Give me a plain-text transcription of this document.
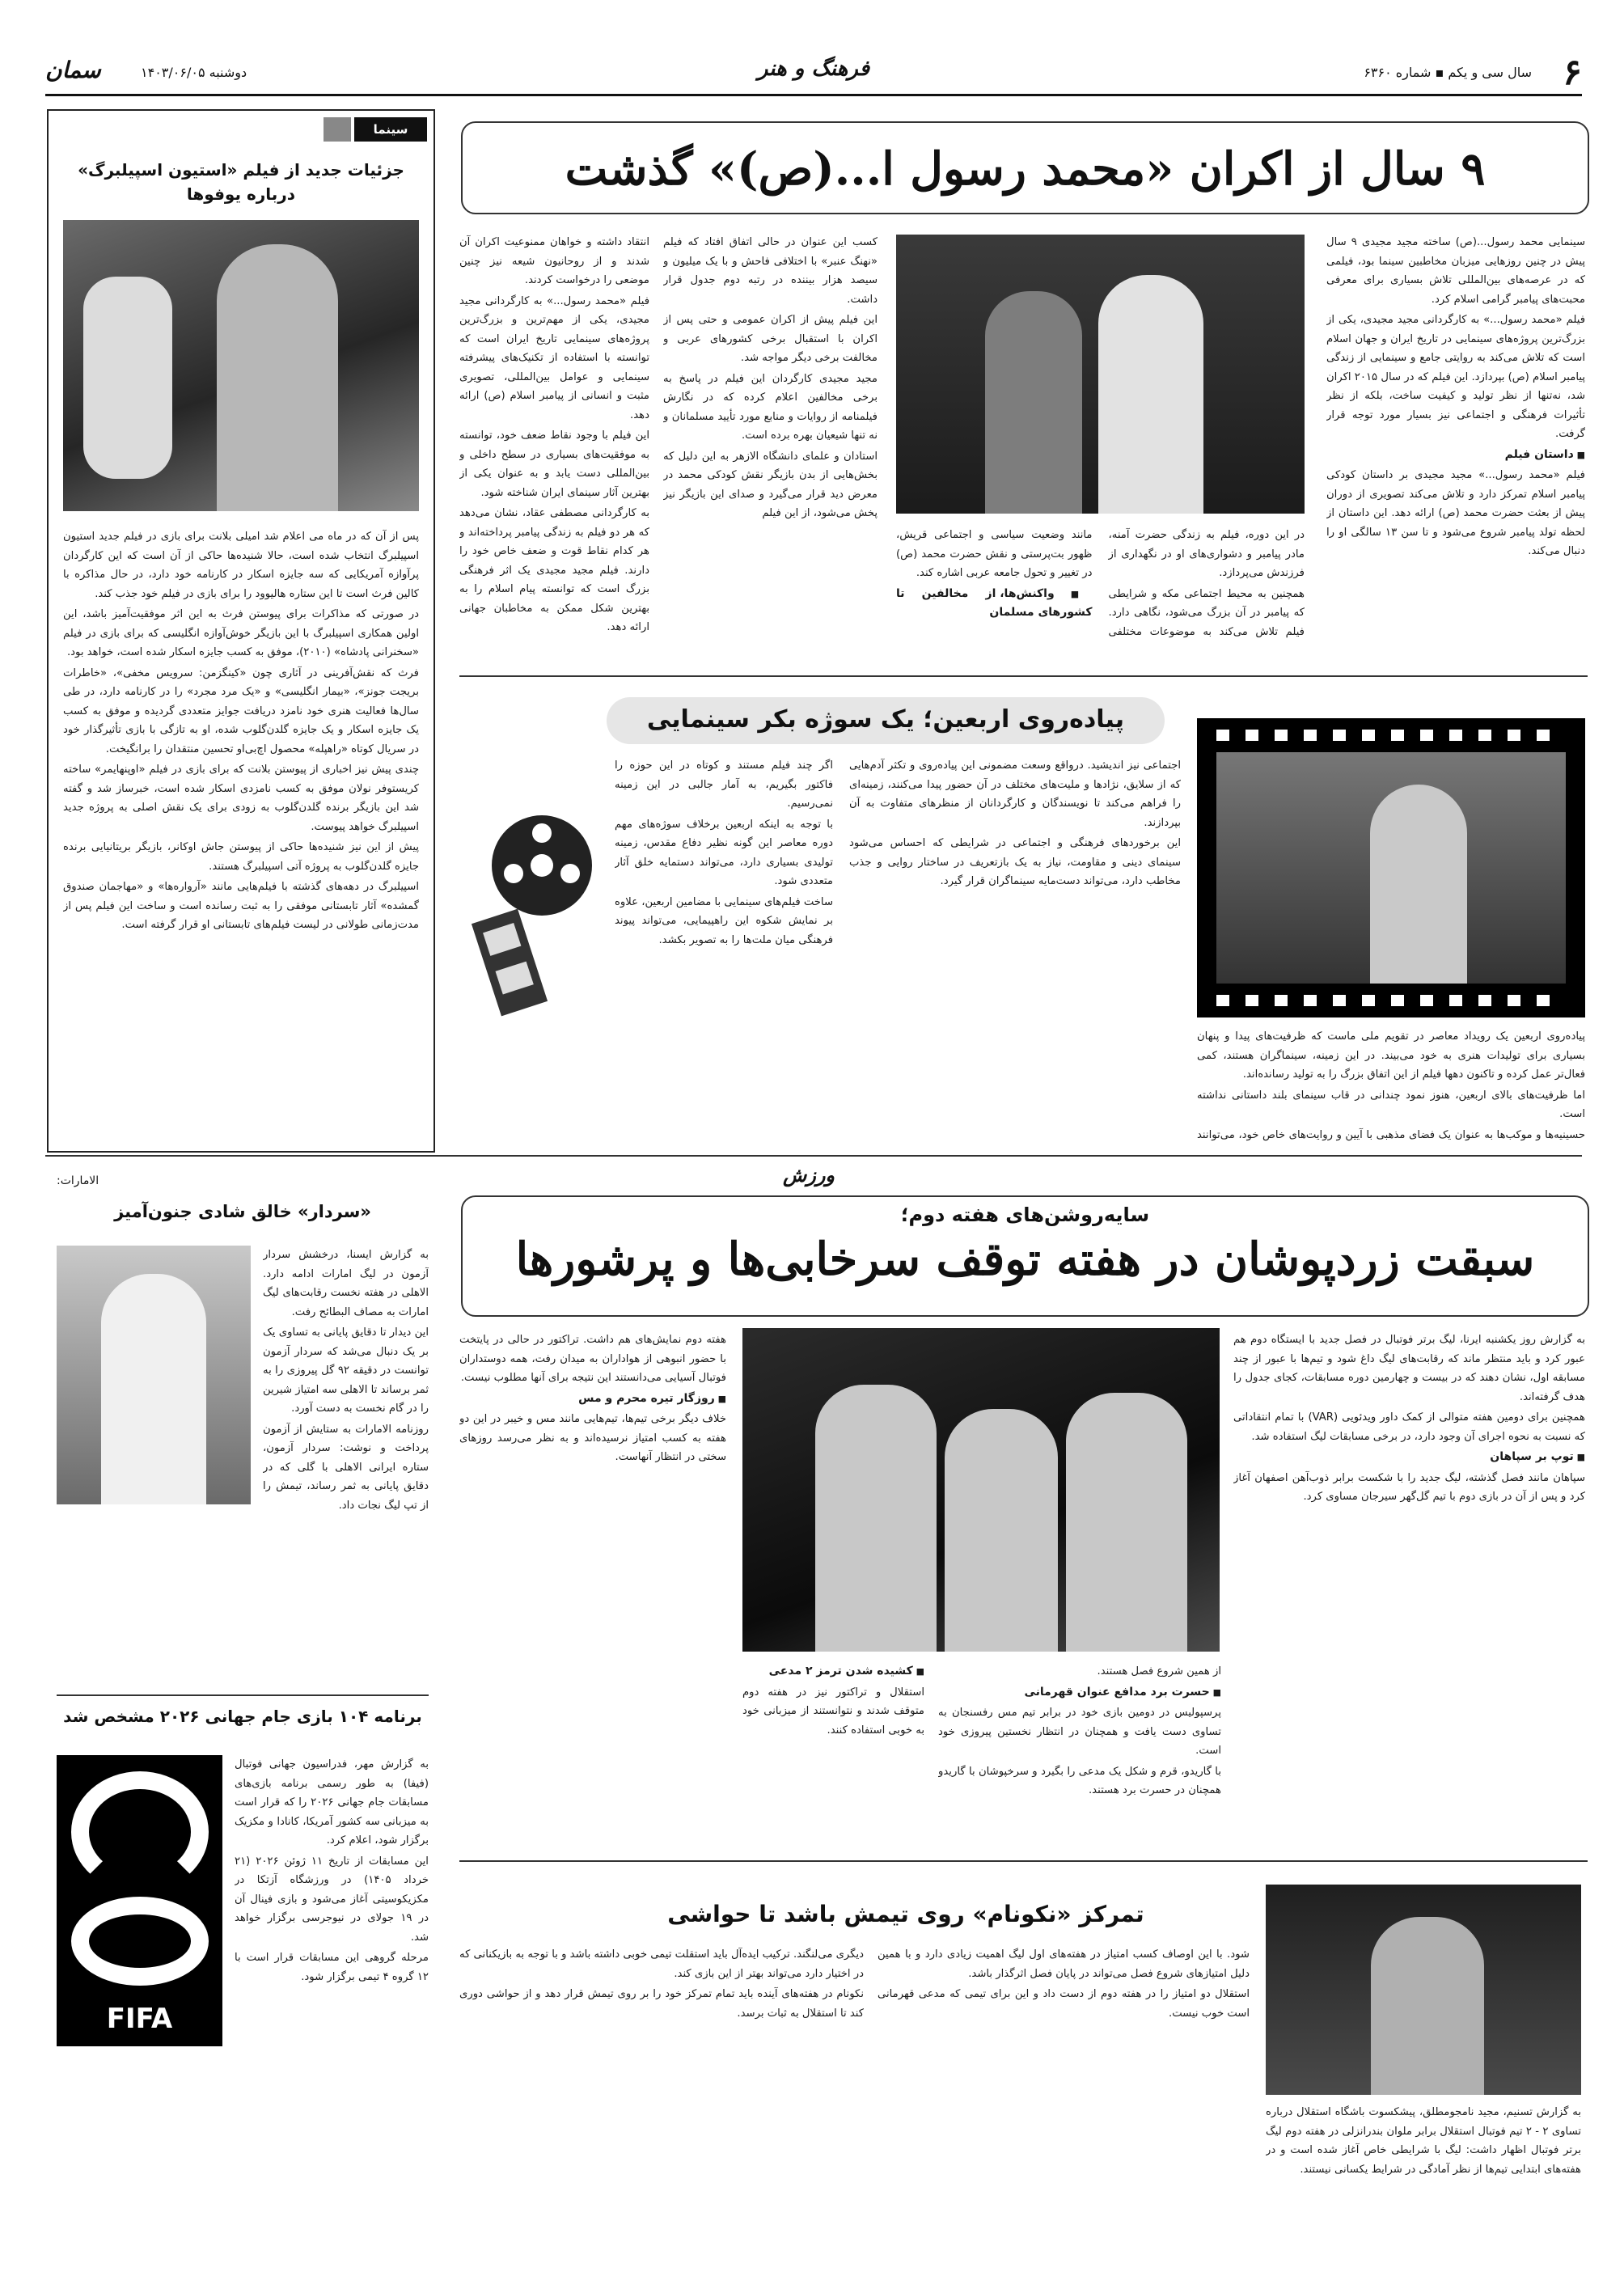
۶
سال سی و یکم ▪ شماره ۶۳۶۰
فرهنگ و هنر
دوشنبه ۱۴۰۳/۰۶/۰۵
سمان
سینما
جزئیات جدید از فیلم «استیون اسپیلبرگ» درباره یوفوها

پس از آن که در ماه می اعلام شد امیلی بلانت برای بازی در فیلم جدید استیون اسپیلبرگ انتخاب شده است، حالا شنیده‌ها حاکی از آن است که این کارگردان پرآوازه آمریکایی که سه جایزه اسکار در کارنامه خود دارد، در حال مذاکره با کالین فرث است تا این ستاره هالیوود را برای بازی در فیلم خود جذب کند.

در صورتی که مذاکرات برای پیوستن فرث به این اثر موفقیت‌آمیز باشد، این اولین همکاری اسپیلبرگ با این بازیگر خوش‌آوازه انگلیسی که برای بازی در فیلم «سخنرانی پادشاه» (۲۰۱۰)، موفق به کسب جایزه اسکار شده است، خواهد بود.

فرث که نقش‌آفرینی در آثاری چون «کینگزمن: سرویس مخفی»، «خاطرات بریجت جونز»، «بیمار انگلیسی» و «یک مرد مجرد» را در کارنامه دارد، در طی سال‌ها فعالیت هنری خود نامزد دریافت جوایز متعددی گردیده و موفق به کسب یک جایزه اسکار و یک جایزه گلدن‌گلوب شده، او به تازگی با بازی تأثیرگذار خود در سریال کوتاه «راهپله» محصول اچ‌بی‌او تحسین منتقدان را برانگیخت.

چندی پیش نیز اخباری از پیوستن بلانت که برای بازی در فیلم «اوپنهایمر» ساخته کریستوفر نولان موفق به کسب نامزدی اسکار شده است، خبرساز شد و گفته شد این بازیگر برنده گلدن‌گلوب به زودی برای یک نقش اصلی به پروژه جدید اسپیلبرگ خواهد پیوست.

پیش از این نیز شنیده‌ها حاکی از پیوستن جاش اوکانر، بازیگر بریتانیایی برنده جایزه گلدن‌گلوب به پروژه آتی اسپیلبرگ هستند.

اسپیلبرگ در دهه‌های گذشته با فیلم‌هایی مانند «آرواره‌ها» و «مهاجمان صندوق گمشده» آثار تابستانی موفقی را به ثبت رسانده است و ساخت این فیلم پس از مدت‌زمانی طولانی در لیست فیلم‌های تابستانی او قرار گرفته است.

۹ سال از اکران «محمد رسول ا...(ص)» گذشت

سینمایی محمد رسول...(ص) ساخته مجید مجیدی ۹ سال پیش در چنین روزهایی میزبان مخاطبین سینما بود، فیلمی که در عرصه‌های بین‌المللی تلاش بسیاری برای معرفی محبت‌های پیامبر گرامی اسلام کرد.

فیلم «محمد رسول...» به کارگردانی مجید مجیدی، یکی از بزرگ‌ترین پروژه‌های سینمایی در تاریخ ایران و جهان اسلام است که تلاش می‌کند به روایتی جامع و سینمایی از زندگی پیامبر اسلام (ص) بپردازد. این فیلم که در سال ۲۰۱۵ اکران شد، نه‌تنها از نظر تولید و کیفیت ساخت، بلکه از نظر تأثیرات فرهنگی و اجتماعی نیز بسیار مورد توجه قرار گرفت.

■ داستان فیلم

فیلم «محمد رسول...» مجید مجیدی بر داستان کودکی پیامبر اسلام تمرکز دارد و تلاش می‌کند تصویری از دوران پیش از بعثت حضرت محمد (ص) ارائه دهد. این داستان از لحظه تولد پیامبر شروع می‌شود و تا سن ۱۳ سالگی او را دنبال می‌کند.

در این دوره، فیلم به زندگی حضرت آمنه، مادر پیامبر و دشواری‌های او در نگهداری از فرزندش می‌پردازد.

همچنین به محیط اجتماعی مکه و شرایطی که پیامبر در آن بزرگ می‌شود، نگاهی دارد. فیلم تلاش می‌کند به موضوعات مختلفی مانند وضعیت سیاسی و اجتماعی قریش، ظهور بت‌پرستی و نقش حضرت محمد (ص) در تغییر و تحول جامعه عربی اشاره کند.

■ واکنش‌ها، از مخالفین تا کشورهای مسلمان

کسب این عنوان در حالی اتفاق افتاد که فیلم «نهنگ عنبر» با اختلافی فاحش و با یک میلیون و سیصد هزار بیننده در رتبه دوم جدول قرار داشت.

این فیلم پیش از اکران عمومی و حتی پس از اکران با استقبال برخی کشورهای عربی و مخالفت برخی دیگر مواجه شد.

مجید مجیدی کارگردان این فیلم در پاسخ به برخی مخالفین اعلام کرده که در نگارش فیلمنامه از روایات و منابع مورد تأیید مسلمانان و نه تنها شیعیان بهره برده است.

استادان و علمای دانشگاه الازهر به این دلیل که بخش‌هایی از بدن بازیگر نقش کودکی محمد در معرض دید قرار می‌گیرد و صدای این بازیگر نیز پخش می‌شود، از این فیلم

انتقاد داشته و خواهان ممنوعیت اکران آن شدند و از روحانیون شیعه نیز چنین موضعی را درخواست کردند.

فیلم «محمد رسول...» به کارگردانی مجید مجیدی، یکی از مهم‌ترین و بزرگ‌ترین پروژه‌های سینمایی تاریخ ایران است که توانسته با استفاده از تکنیک‌های پیشرفته سینمایی و عوامل بین‌المللی، تصویری مثبت و انسانی از پیامبر اسلام (ص) ارائه دهد.

این فیلم با وجود نقاط ضعف خود، توانسته به موفقیت‌های بسیاری در سطح داخلی و بین‌المللی دست یابد و به عنوان یکی از بهترین آثار سینمای ایران شناخته شود.

به کارگردانی مصطفی عقاد، نشان می‌دهد که هر دو فیلم به زندگی پیامبر پرداخته‌اند و هر کدام نقاط قوت و ضعف خاص خود را دارند. فیلم مجید مجیدی یک اثر فرهنگی بزرگ است که توانسته پیام اسلام را به بهترین شکل ممکن به مخاطبان جهانی ارائه دهد.

پیاده‌روی اربعین؛ یک سوژه بکر سینمایی

پیاده‌روی اربعین یک رویداد معاصر در تقویم ملی ماست که ظرفیت‌های پیدا و پنهان بسیاری برای تولیدات هنری به خود می‌بیند. در این زمینه، سینماگران هستند، کمی فعال‌تر عمل کرده و تاکنون دهها فیلم از این اتفاق بزرگ را به تولید رسانده‌اند.

اما ظرفیت‌های بالای اربعین، هنوز نمود چندانی در قاب سینمای بلند داستانی نداشته است.

حسینیه‌ها و موکب‌ها به عنوان یک فضای مذهبی با آیین و روایت‌های خاص خود، می‌توانند

اجتماعی نیز اندیشید. درواقع وسعت مضمونی این پیاده‌روی و تکثر آدم‌هایی که از سلایق، نژادها و ملیت‌های مختلف در آن حضور پیدا می‌کنند، زمینه‌ای را فراهم می‌کند تا نویسندگان و کارگردانان از منظرهای متفاوت به آن بپردازند.

این برخوردهای فرهنگی و اجتماعی در شرایطی که احساس می‌شود سینمای دینی و مقاومت، نیاز به یک بازتعریف در ساختار روایی و جذب مخاطب دارد، می‌تواند دست‌مایه سینماگران قرار گیرد.

اگر چند فیلم مستند و کوتاه در این حوزه را فاکتور بگیریم، به آمار جالبی در این زمینه نمی‌رسیم.

با توجه به اینکه اربعین برخلاف سوژه‌های مهم دوره معاصر این گونه نظیر دفاع مقدس، زمینه تولیدی بسیاری دارد، می‌تواند دستمایه خلق آثار متعددی شود.

ساخت فیلم‌های سینمایی با مضامین اربعین، علاوه بر نمایش شکوه این راهپیمایی، می‌تواند پیوند فرهنگی میان ملت‌ها را به تصویر بکشد.

ورزش
سایه‌روشن‌های هفته دوم؛
سبقت زردپوشان در هفته توقف سرخابی‌ها و پرشورها

به گزارش روز یکشنبه ایرنا، لیگ برتر فوتبال در فصل جدید با ایستگاه دوم هم عبور کرد و باید منتظر ماند که رقابت‌های لیگ داغ شود و تیم‌ها با عبور از چند مسابقه اول، نشان دهند که در بیست و چهارمین دوره مسابقات، کجای جدول را هدف گرفته‌اند.

همچنین برای دومین هفته متوالی از کمک داور ویدئویی (VAR) با تمام انتقاداتی که نسبت به نحوه اجرای آن وجود دارد، در برخی مسابقات لیگ استفاده شد.

■ توپ بر سپاهان

سپاهان مانند فصل گذشته، لیگ جدید را با شکست برابر ذوب‌آهن اصفهان آغاز کرد و پس از آن در بازی دوم با تیم گل‌گهر سیرجان مساوی کرد.

از همین شروع فصل هستند.

■ حسرت برد مدافع عنوان قهرمانی

پرسپولیس در دومین بازی خود در برابر تیم مس رفسنجان به تساوی دست یافت و همچنان در انتظار نخستین پیروزی خود است.

با گاریدو، قرم و شکل یک مدعی را بگیرد و سرخپوشان با گاریدو همچنان در حسرت برد هستند.

■ کشیده شدن ترمز ۲ مدعی

استقلال و تراکتور نیز در هفته دوم متوقف شدند و نتوانستند از میزبانی خود به خوبی استفاده کنند.

هفته دوم نمایش‌های هم داشت. تراکتور در حالی در پایتخت با حضور انبوهی از هواداران به میدان رفت، همه دوستداران فوتبال آسیایی می‌دانستند این نتیجه برای آنها مطلوب نیست.

■ روزگار تیره محرم و مس

خلاف دیگر برخی تیم‌ها، تیم‌هایی مانند مس و خیبر در این دو هفته به کسب امتیاز نرسیده‌اند و به نظر می‌رسد روزهای سختی در انتظار آنهاست.

الامارات:
«سردار» خالق شادی جنون‌آمیز

به گزارش ایسنا، درخشش سردار آزمون در لیگ امارات ادامه دارد. الاهلی در هفته نخست رقابت‌های لیگ امارات به مصاف البطائح رفت.

این دیدار تا دقایق پایانی به تساوی یک بر یک دنبال می‌شد که سردار آزمون توانست در دقیقه ۹۲ گل پیروزی را به ثمر برساند تا الاهلی سه امتیاز شیرین را در گام نخست به دست آورد.

روزنامه الامارات به ستایش از آزمون پرداخت و نوشت: سردار آزمون، ستاره ایرانی الاهلی با گلی که در دقایق پایانی به ثمر رساند، تیمش را از تپ لیگ نجات داد.

برنامه ۱۰۴ بازی جام جهانی ۲۰۲۶ مشخص شد
FIFA

به گزارش مهر، فدراسیون جهانی فوتبال (فیفا) به طور رسمی برنامه بازی‌های مسابقات جام جهانی ۲۰۲۶ را که قرار است به میزبانی سه کشور آمریکا، کانادا و مکزیک برگزار شود، اعلام کرد.

این مسابقات از تاریخ ۱۱ ژوئن ۲۰۲۶ (۲۱ خرداد ۱۴۰۵) در ورزشگاه آزتکا در مکزیکوسیتی آغاز می‌شود و بازی فینال آن در ۱۹ جولای در نیوجرسی برگزار خواهد شد.

مرحله گروهی این مسابقات قرار است با ۱۲ گروه ۴ تیمی برگزار شود.

تمرکز «نکونام» روی تیمش باشد تا حواشی

به گزارش تسنیم، مجید نامجومطلق، پیشکسوت باشگاه استقلال درباره تساوی ۲ - ۲ تیم فوتبال استقلال برابر ملوان بندرانزلی در هفته دوم لیگ برتر فوتبال اظهار داشت: لیگ با شرایطی خاص آغاز شده است و در هفته‌های ابتدایی تیم‌ها از نظر آمادگی در شرایط یکسانی نیستند.

شود. با این اوصاف کسب امتیاز در هفته‌های اول لیگ اهمیت زیادی دارد و با همین دلیل امتیازهای شروع فصل می‌تواند در پایان فصل اثرگذار باشد.

استقلال دو امتیاز را در هفته دوم از دست داد و این برای تیمی که مدعی قهرمانی است خوب نیست.

دیگری می‌لنگند. ترکیب ایده‌آل باید استقلت تیمی خوبی داشته باشد و با توجه به بازیکنانی که در اختیار دارد می‌تواند بهتر از این بازی کند.

نکونام در هفته‌های آینده باید تمام تمرکز خود را بر روی تیمش قرار دهد و از حواشی دوری کند تا استقلال به ثبات برسد.
